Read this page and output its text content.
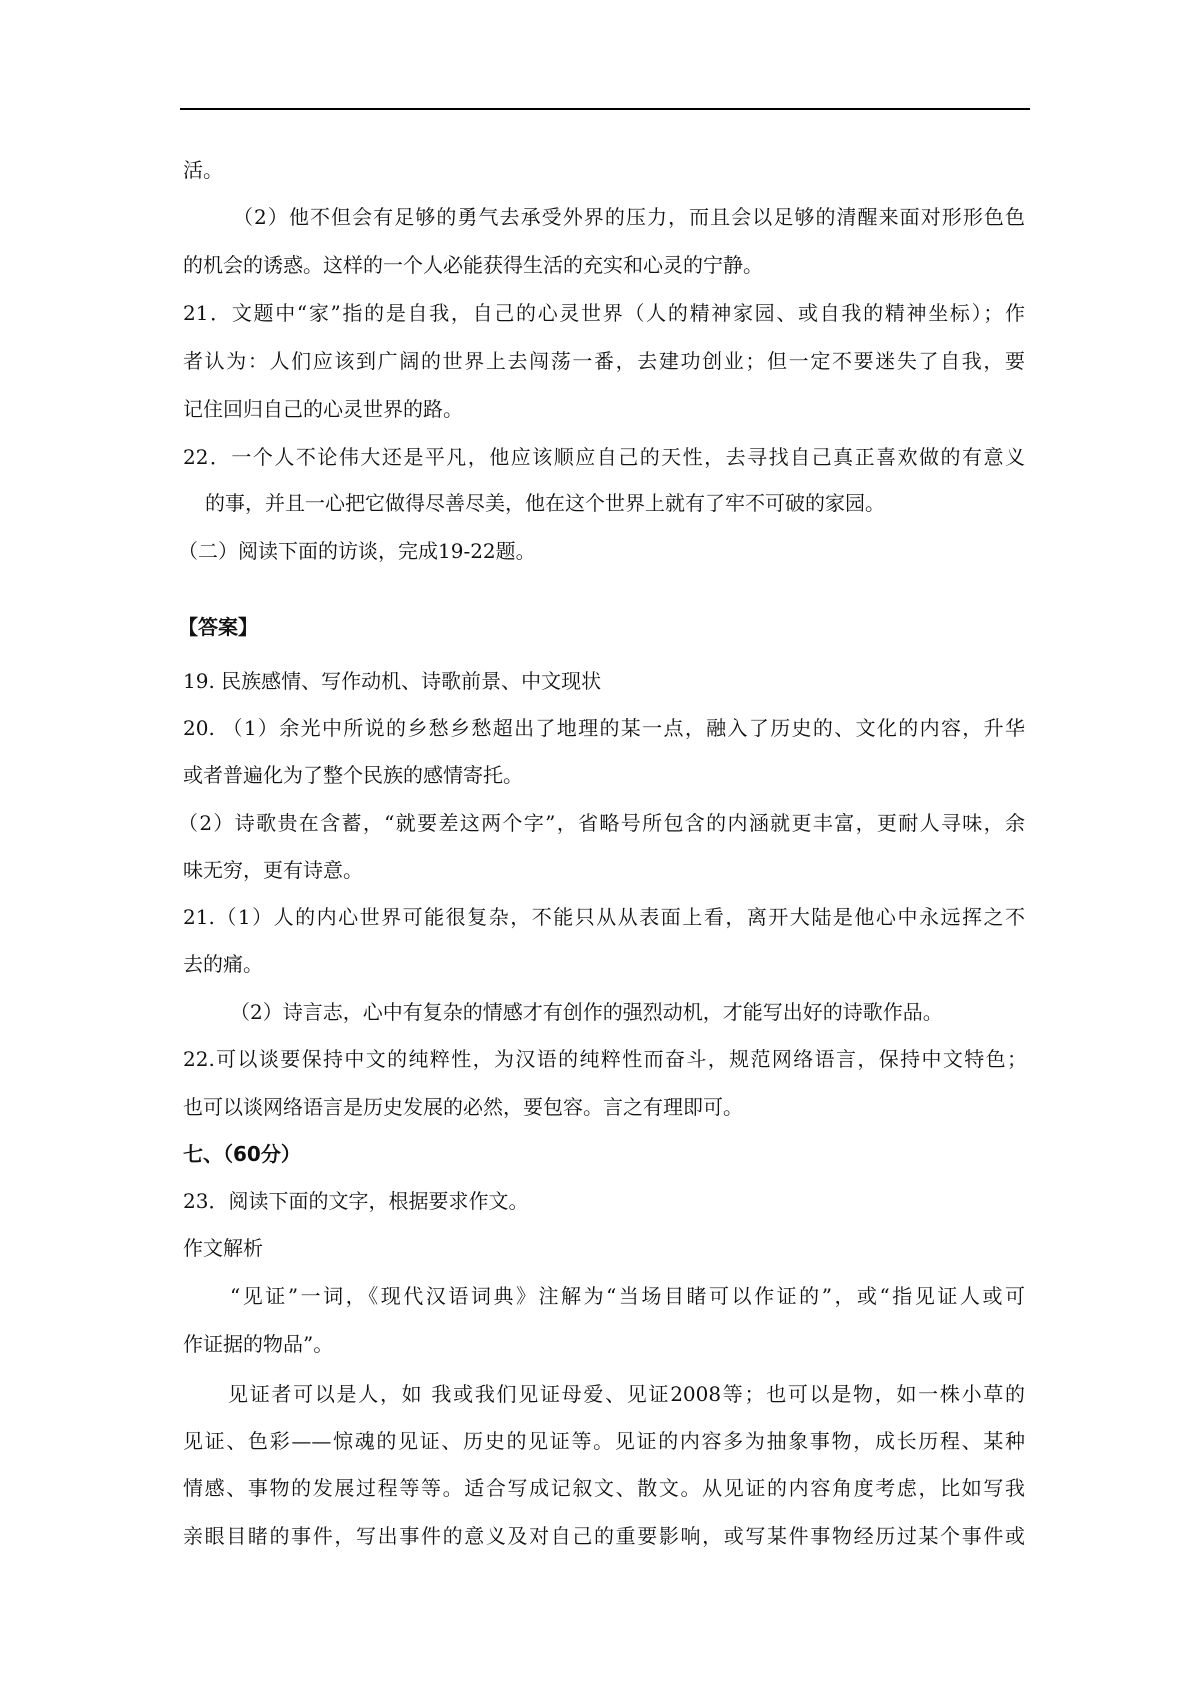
活。
（2）他不但会有足够的勇气去承受外界的压力，而且会以足够的清醒来面对形形色色
的机会的诱惑。这样的一个人必能获得生活的充实和心灵的宁静。
21．文题中“家”指的是自我，自己的心灵世界（人的精神家园、或自我的精神坐标）；作
者认为：人们应该到广阔的世界上去闯荡一番，去建功创业；但一定不要迷失了自我，要
记住回归自己的心灵世界的路。
22．一个人不论伟大还是平凡，他应该顺应自己的天性，去寻找自己真正喜欢做的有意义
的事，并且一心把它做得尽善尽美，他在这个世界上就有了牢不可破的家园。
（二）阅读下面的访谈，完成19-22题。
【答案】
19. 民族感情、写作动机、诗歌前景、中文现状
20. （1）余光中所说的乡愁乡愁超出了地理的某一点，融入了历史的、文化的内容，升华
或者普遍化为了整个民族的感情寄托。
（2）诗歌贵在含蓄，“就要差这两个字”，省略号所包含的内涵就更丰富，更耐人寻味，余
味无穷，更有诗意。
21.（1）人的内心世界可能很复杂，不能只从从表面上看，离开大陆是他心中永远挥之不
去的痛。
（2）诗言志，心中有复杂的情感才有创作的强烈动机，才能写出好的诗歌作品。
22.可以谈要保持中文的纯粹性，为汉语的纯粹性而奋斗，规范网络语言，保持中文特色；
也可以谈网络语言是历史发展的必然，要包容。言之有理即可。
七、（60分）
23．阅读下面的文字，根据要求作文。
作文解析
“见证”一词，《现代汉语词典》注解为“当场目睹可以作证的”，或“指见证人或可
作证据的物品”。
见证者可以是人，如 我或我们见证母爱、见证2008等；也可以是物，如一株小草的
见证、色彩——惊魂的见证、历史的见证等。见证的内容多为抽象事物，成长历程、某种
情感、事物的发展过程等等。适合写成记叙文、散文。从见证的内容角度考虑，比如写我
亲眼目睹的事件，写出事件的意义及对自己的重要影响，或写某件事物经历过某个事件或
